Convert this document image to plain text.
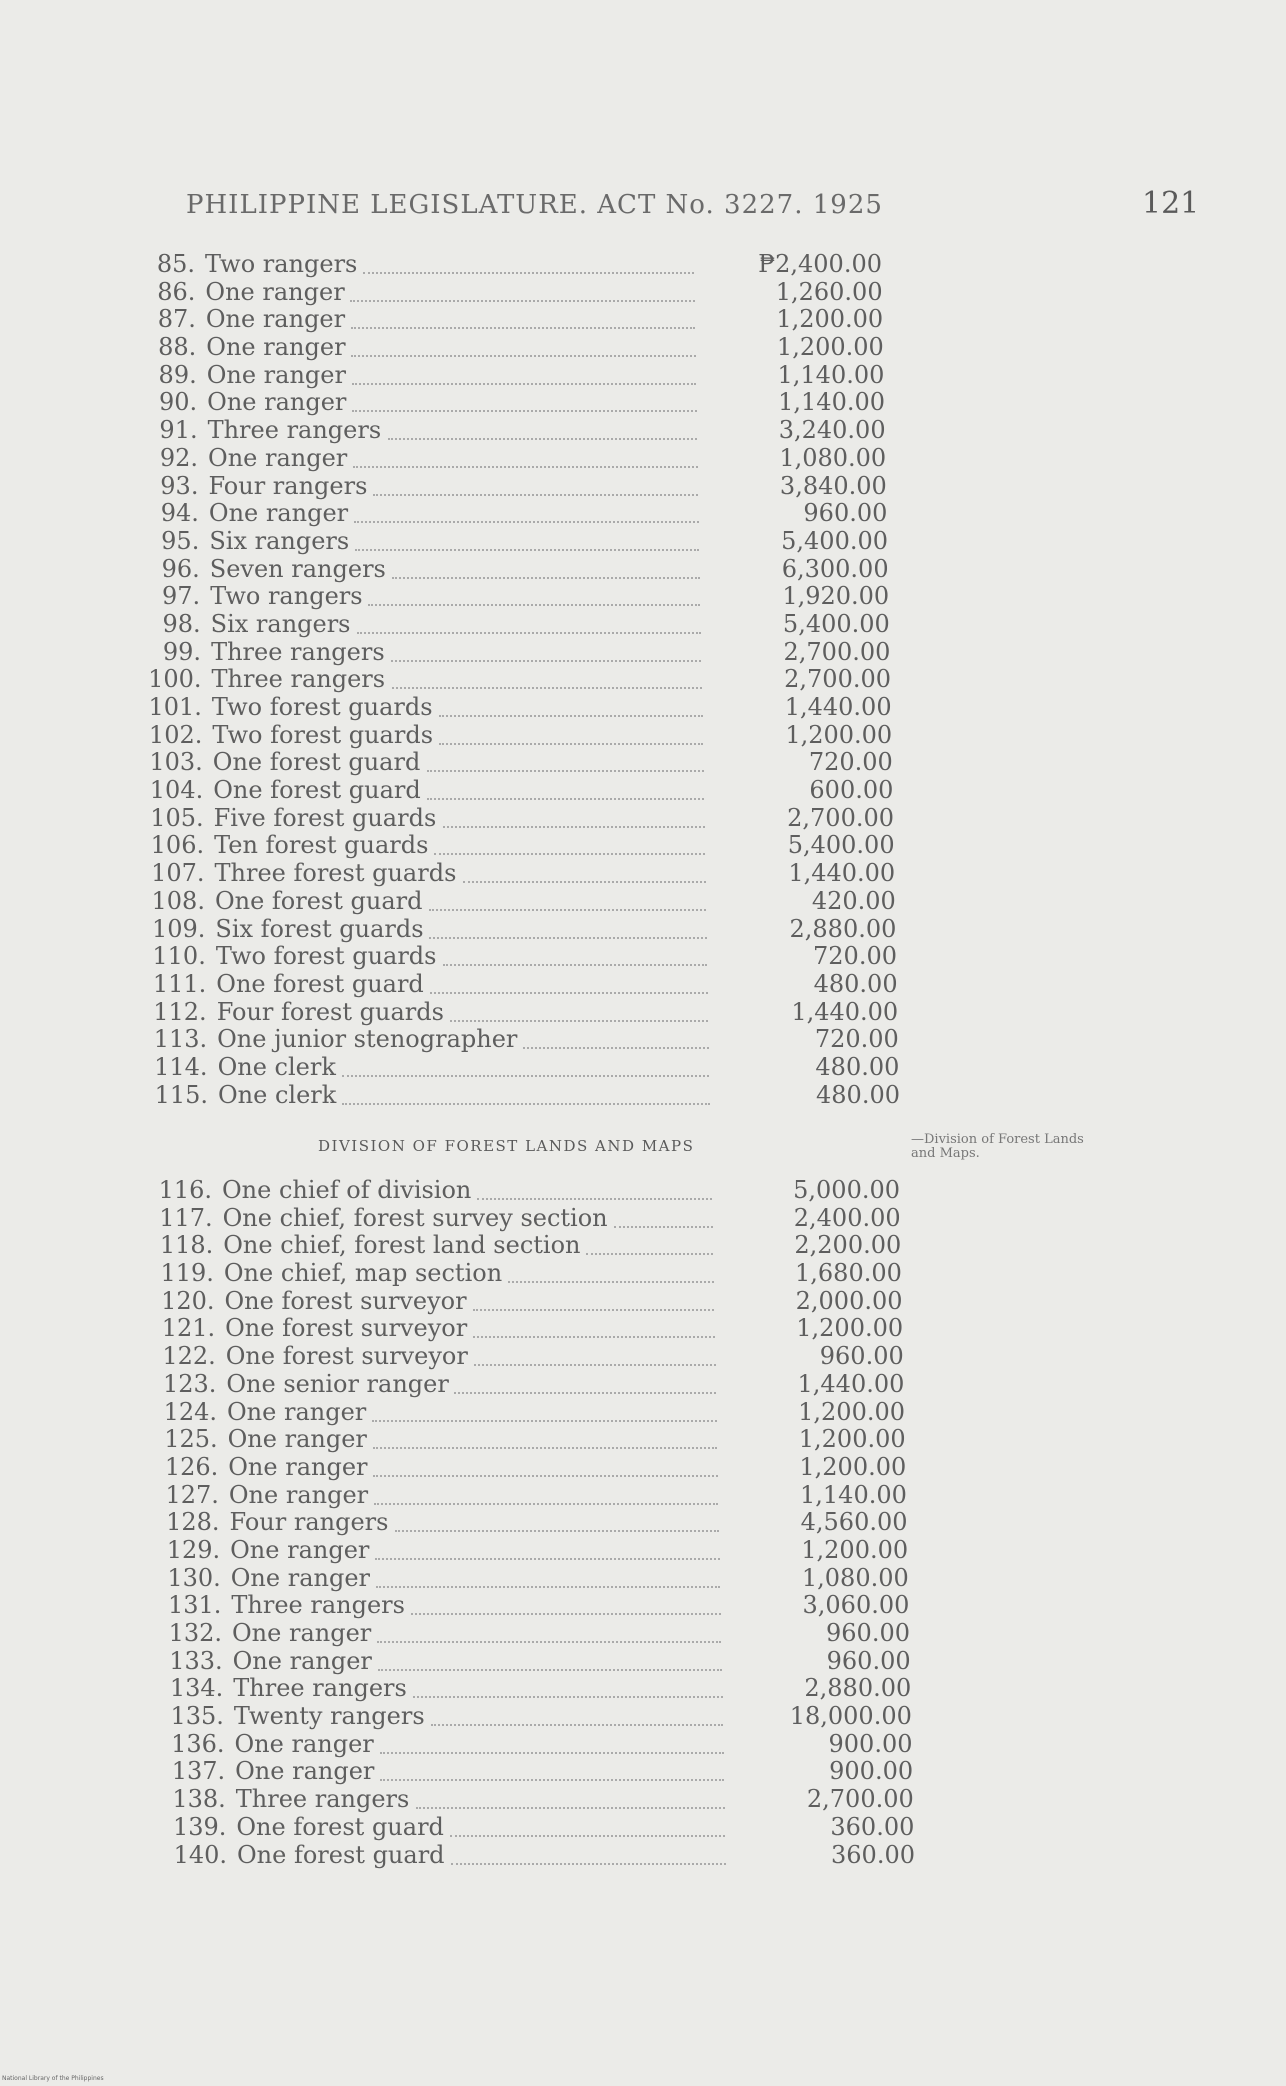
PHILIPPINE LEGISLATURE. ACT No. 3227. 1925	121
85. Two rangers	₱2,400.00
86. One ranger	1,260.00
87. One ranger	1,200.00
88. One ranger	1,200.00
89. One ranger	1,140.00
90. One ranger	1,140.00
91. Three rangers	3,240.00
92. One ranger	1,080.00
93. Four rangers	3,840.00
94. One ranger	960.00
95. Six rangers	5,400.00
96. Seven rangers	6,300.00
97. Two rangers	1,920.00
98. Six rangers	5,400.00
99. Three rangers	2,700.00
100. Three rangers	2,700.00
101. Two forest guards	1,440.00
102. Two forest guards	1,200.00
103. One forest guard	720.00
104. One forest guard	600.00
105. Five forest guards	2,700.00
106. Ten forest guards	5,400.00
107. Three forest guards	1,440.00
108. One forest guard	420.00
109. Six forest guards	2,880.00
110. Two forest guards	720.00
111. One forest guard	480.00
112. Four forest guards	1,440.00
113. One junior stenographer	720.00
114. One clerk	480.00
115. One clerk	480.00
DIVISION OF FOREST LANDS AND MAPS	—Division of Forest Lands and Maps.
116. One chief of division	5,000.00
117. One chief, forest survey section	2,400.00
118. One chief, forest land section	2,200.00
119. One chief, map section	1,680.00
120. One forest surveyor	2,000.00
121. One forest surveyor	1,200.00
122. One forest surveyor	960.00
123. One senior ranger	1,440.00
124. One ranger	1,200.00
125. One ranger	1,200.00
126. One ranger	1,200.00
127. One ranger	1,140.00
128. Four rangers	4,560.00
129. One ranger	1,200.00
130. One ranger	1,080.00
131. Three rangers	3,060.00
132. One ranger	960.00
133. One ranger	960.00
134. Three rangers	2,880.00
135. Twenty rangers	18,000.00
136. One ranger	900.00
137. One ranger	900.00
138. Three rangers	2,700.00
139. One forest guard	360.00
140. One forest guard	360.00
National Library of the Philippines
